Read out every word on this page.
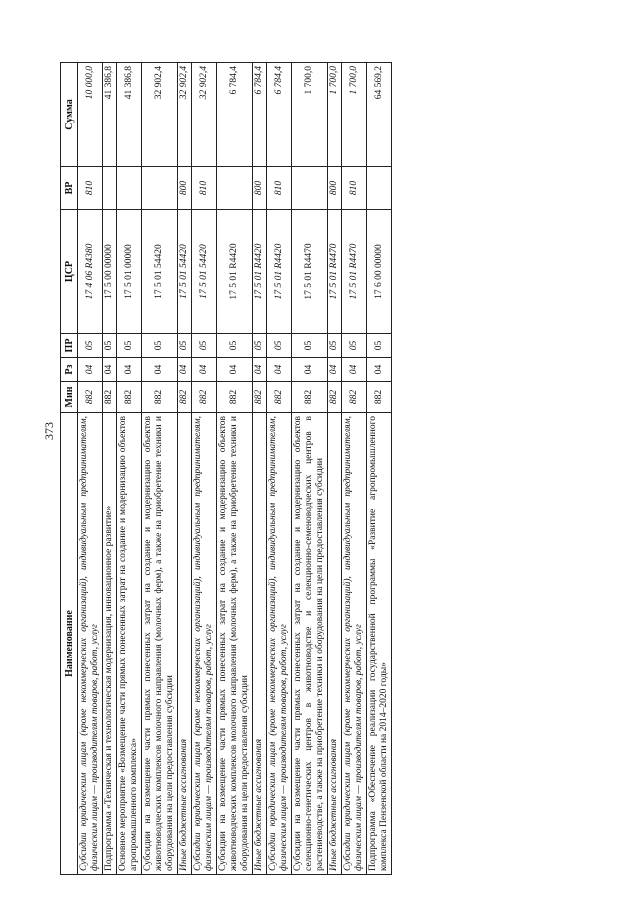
373
Наименование	Мин	Рз	ПР	ЦСР	ВР	Сумма
Субсидии юридическим лицам (кроме некоммерческих организаций), индивидуальным предпринимателям, физическим лицам — производителям товаров, работ, услуг	882	04	05	17 4 06 R4380	810	10 000,0
Подпрограмма «Техническая и технологическая модернизация, инновационное развитие»	882	04	05	17 5 00 00000		41 386,8
Основное мероприятие «Возмещение части прямых понесенных затрат на создание и модернизацию объектов агропромышленного комплекса»	882	04	05	17 5 01 00000		41 386,8
Субсидии на возмещение части прямых понесенных затрат на создание и модернизацию объектов животноводческих комплексов молочного направления (молочных ферм), а также на приобретение техники и оборудования на цели предоставления субсидии	882	04	05	17 5 01 54420		32 902,4
Иные бюджетные ассигнования	882	04	05	17 5 01 54420	800	32 902,4
Субсидии юридическим лицам (кроме некоммерческих организаций), индивидуальным предпринимателям, физическим лицам — производителям товаров, работ, услуг	882	04	05	17 5 01 54420	810	32 902,4
Субсидии на возмещение части прямых понесенных затрат на создание и модернизацию объектов животноводческих комплексов молочного направления (молочных ферм), а также на приобретение техники и оборудования на цели предоставления субсидии	882	04	05	17 5 01 R4420		6 784,4
Иные бюджетные ассигнования	882	04	05	17 5 01 R4420	800	6 784,4
Субсидии юридическим лицам (кроме некоммерческих организаций), индивидуальным предпринимателям, физическим лицам — производителям товаров, работ, услуг	882	04	05	17 5 01 R4420	810	6 784,4
Субсидии на возмещение части прямых понесенных затрат на создание и модернизацию объектов селекционно-генетических центров в животноводстве и селекционно-семеноводческих центров в растениеводстве, а также на приобретение техники и оборудования на цели предоставления субсидии	882	04	05	17 5 01 R4470		1 700,0
Иные бюджетные ассигнования	882	04	05	17 5 01 R4470	800	1 700,0
Субсидии юридическим лицам (кроме некоммерческих организаций), индивидуальным предпринимателям, физическим лицам — производителям товаров, работ, услуг	882	04	05	17 5 01 R4470	810	1 700,0
Подпрограмма «Обеспечение реализации государственной программы «Развитие агропромышленного комплекса Пензенской области на 2014–2020 годы»	882	04	05	17 6 00 00000		64 569,2
